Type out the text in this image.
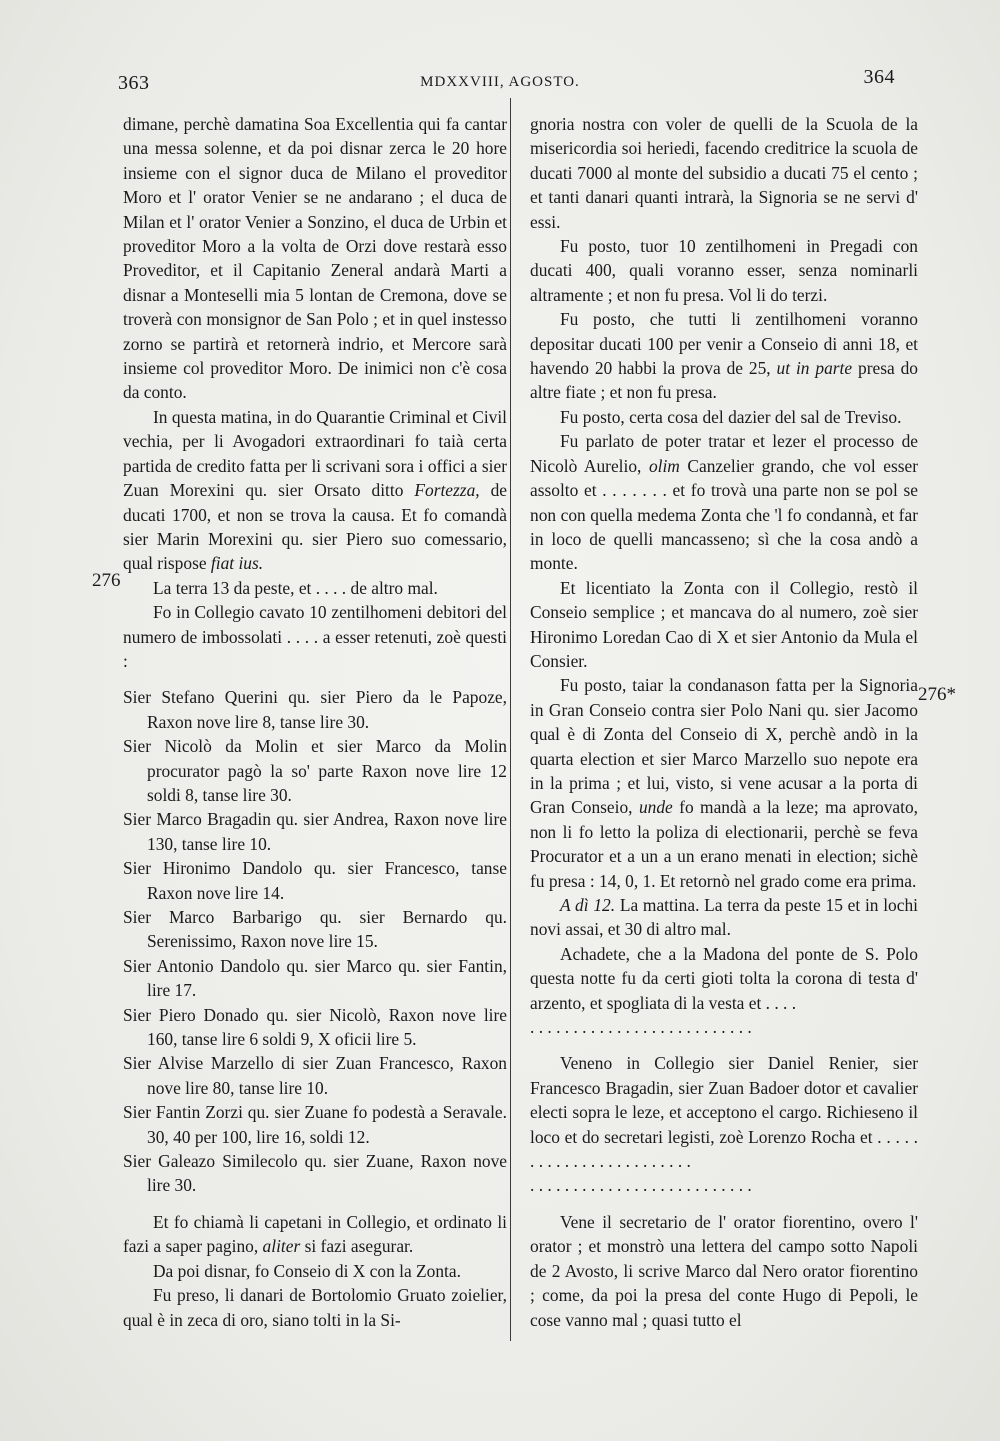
363	MDXXVIII, AGOSTO.	364
276
276*

dimane, perchè damatina Soa Excellentia qui fa cantar una messa solenne, et da poi disnar zerca le 20 hore insieme con el signor duca de Milano el proveditor Moro et l' orator Venier se ne andarano ; el duca de Milan et l' orator Venier a Sonzino, el duca de Urbin et proveditor Moro a la volta de Orzi dove restarà esso Proveditor, et il Capitanio Zeneral andarà Marti a disnar a Monteselli mia 5 lontan de Cremona, dove se troverà con monsignor de San Polo ; et in quel instesso zorno se partirà et retornerà indrio, et Mercore sarà insieme col proveditor Moro. De inimici non c'è cosa da conto.

In questa matina, in do Quarantie Criminal et Civil vechia, per li Avogadori extraordinari fo taià certa partida de credito fatta per li scrivani sora i offici a sier Zuan Morexini qu. sier Orsato ditto Fortezza, de ducati 1700, et non se trova la causa. Et fo comandà sier Marin Morexini qu. sier Piero suo comessario, qual rispose fiat ius.

La terra 13 da peste, et . . . . de altro mal.

Fo in Collegio cavato 10 zentilhomeni debitori del numero de imbossolati . . . . a esser retenuti, zoè questi :

Sier Stefano Querini qu. sier Piero da le Papoze, Raxon nove lire 8, tanse lire 30.

Sier Nicolò da Molin et sier Marco da Molin procurator pagò la so' parte Raxon nove lire 12 soldi 8, tanse lire 30.

Sier Marco Bragadin qu. sier Andrea, Raxon nove lire 130, tanse lire 10.

Sier Hironimo Dandolo qu. sier Francesco, tanse Raxon nove lire 14.

Sier Marco Barbarigo qu. sier Bernardo qu. Serenissimo, Raxon nove lire 15.

Sier Antonio Dandolo qu. sier Marco qu. sier Fantin, lire 17.

Sier Piero Donado qu. sier Nicolò, Raxon nove lire 160, tanse lire 6 soldi 9, X oficii lire 5.

Sier Alvise Marzello di sier Zuan Francesco, Raxon nove lire 80, tanse lire 10.

Sier Fantin Zorzi qu. sier Zuane fo podestà a Seravale. 30, 40 per 100, lire 16, soldi 12.

Sier Galeazo Similecolo qu. sier Zuane, Raxon nove lire 30.

Et fo chiamà li capetani in Collegio, et ordinato li fazi a saper pagino, aliter si fazi asegurar.

Da poi disnar, fo Conseio di X con la Zonta.

Fu preso, li danari de Bortolomio Gruato zoielier, qual è in zeca di oro, siano tolti in la Si-

gnoria nostra con voler de quelli de la Scuola de la misericordia soi heriedi, facendo creditrice la scuola de ducati 7000 al monte del subsidio a ducati 75 el cento ; et tanti danari quanti intrarà, la Signoria se ne servi d' essi.

Fu posto, tuor 10 zentilhomeni in Pregadi con ducati 400, quali voranno esser, senza nominarli altramente ; et non fu presa. Vol li do terzi.

Fu posto, che tutti li zentilhomeni voranno depositar ducati 100 per venir a Conseio di anni 18, et havendo 20 habbi la prova de 25, ut in parte presa do altre fiate ; et non fu presa.

Fu posto, certa cosa del dazier del sal de Treviso.

Fu parlato de poter tratar et lezer el processo de Nicolò Aurelio, olim Canzelier grando, che vol esser assolto et . . . . . . . et fo trovà una parte non se pol se non con quella medema Zonta che 'l fo condannà, et far in loco de quelli mancasseno; sì che la cosa andò a monte.

Et licentiato la Zonta con il Collegio, restò il Conseio semplice ; et mancava do al numero, zoè sier Hironimo Loredan Cao di X et sier Antonio da Mula el Consier.

Fu posto, taiar la condanason fatta per la Signoria in Gran Conseio contra sier Polo Nani qu. sier Jacomo qual è di Zonta del Conseio di X, perchè andò in la quarta election et sier Marco Marzello suo nepote era in la prima ; et lui, visto, si vene acusar a la porta di Gran Conseio, unde fo mandà a la leze; ma aprovato, non li fo letto la poliza di electionarii, perchè se feva Procurator et a un a un erano menati in election; sichè fu presa : 14, 0, 1. Et retornò nel grado come era prima.

A dì 12. La mattina. La terra da peste 15 et in lochi novi assai, et 30 di altro mal.

Achadete, che a la Madona del ponte de S. Polo questa notte fu da certi gioti tolta la corona di testa d' arzento, et spogliata di la vesta et . . . .

. . . . . . . . . . . . . . . . . . . . . . . . . .

Veneno in Collegio sier Daniel Renier, sier Francesco Bragadin, sier Zuan Badoer dotor et cavalier electi sopra le leze, et acceptono el cargo. Richieseno il loco et do secretari legisti, zoè Lorenzo Rocha et . . . . . . . . . . . . . . . . . . . . . . . .

. . . . . . . . . . . . . . . . . . . . . . . . . .

Vene il secretario de l' orator fiorentino, overo l' orator ; et monstrò una lettera del campo sotto Napoli de 2 Avosto, li scrive Marco dal Nero orator fiorentino ; come, da poi la presa del conte Hugo di Pepoli, le cose vanno mal ; quasi tutto el
